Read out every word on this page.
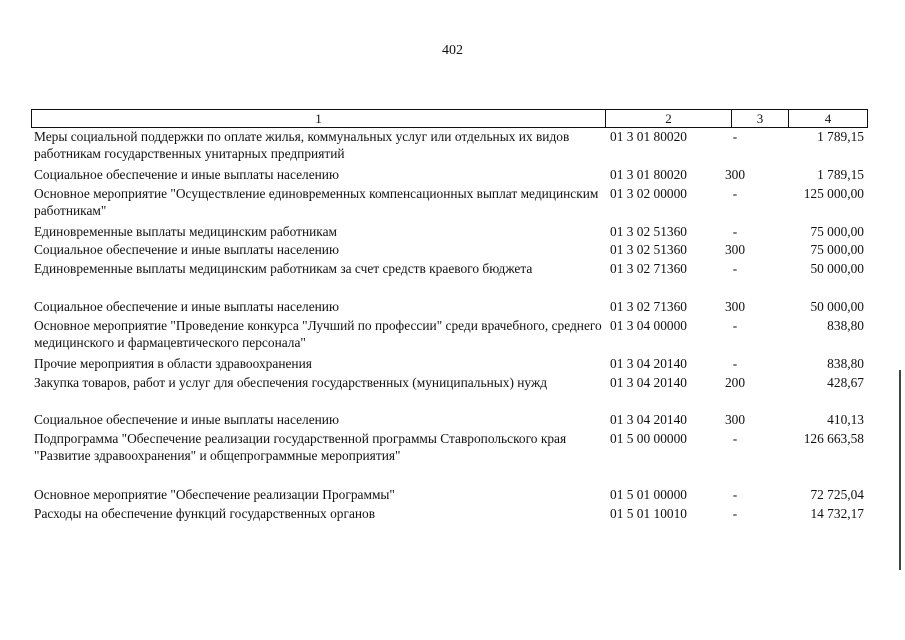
402
1	2	3	4
Меры социальной поддержки по оплате жилья, коммунальных услуг или отдельных их видов работникам государственных унитарных предприятий
01 3 01 80020	-	1 789,15
Социальное обеспечение и иные выплаты населению	01 3 01 80020	300	1 789,15
Основное мероприятие "Осуществление единовременных компенсационных выплат медицинским работникам"
01 3 02 00000	-	125 000,00
Единовременные выплаты медицинским работникам	01 3 02 51360	-	75 000,00
Социальное обеспечение и иные выплаты населению	01 3 02 51360	300	75 000,00
Единовременные выплаты медицинским работникам за счет средств краевого бюджета	01 3 02 71360	-	50 000,00
Социальное обеспечение и иные выплаты населению	01 3 02 71360	300	50 000,00
Основное мероприятие "Проведение конкурса "Лучший по профессии" среди врачебного, среднего медицинского и фармацевтического персонала"
01 3 04 00000	-	838,80
Прочие мероприятия в области здравоохранения	01 3 04 20140	-	838,80
Закупка товаров, работ и услуг для обеспечения государственных (муниципальных) нужд	01 3 04 20140	200	428,67
Социальное обеспечение и иные выплаты населению	01 3 04 20140	300	410,13
Подпрограмма "Обеспечение реализации государственной программы Ставропольского края "Развитие здравоохранения" и общепрограммные мероприятия"
01 5 00 00000	-	126 663,58
Основное мероприятие "Обеспечение реализации Программы"	01 5 01 00000	-	72 725,04
Расходы на обеспечение функций государственных органов	01 5 01 10010	-	14 732,17
